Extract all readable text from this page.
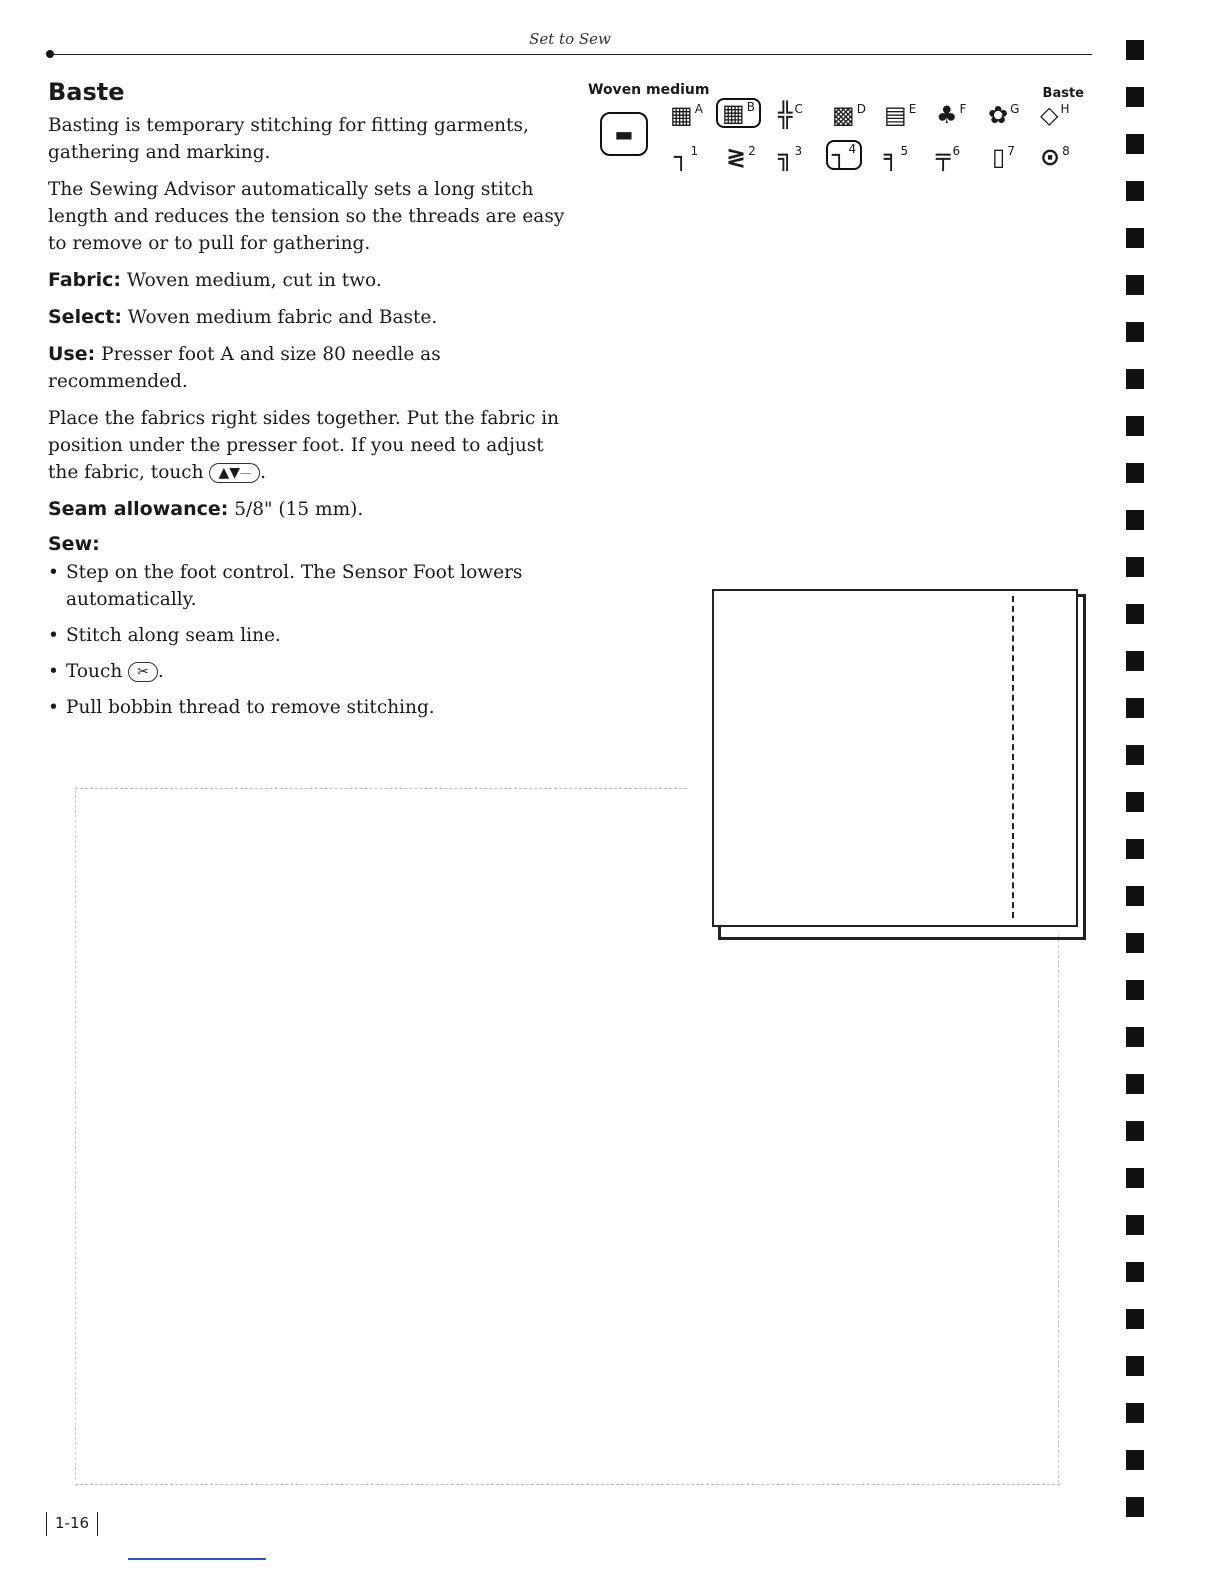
Set to Sew
Baste

Basting is temporary stitching for fitting garments, gathering and marking.

The Sewing Advisor automatically sets a long stitch length and reduces the tension so the threads are easy to remove or to pull for gathering.

Fabric: Woven medium, cut in two.

Select: Woven medium fabric and Baste.

Use: Presser foot A and size 80 needle as recommended.

Place the fabrics right sides together. Put the fabric in position under the presser foot. If you need to adjust the fabric, touch ▲▼⏤ .

Seam allowance: 5/8" (15 mm).

Sew:
• Step on the foot control. The Sensor Foot lowers automatically.
• Stitch along seam line.
• Touch ✂ .
• Pull bobbin thread to remove stitching.
Woven medium	Baste
▬
▦ A ▦ B ╬ C ▩ D ▤ E ♣ F ✿ G ◇ H
┐ 1 ≷ 2 ╗ 3 ┐ 4 ╕ 5 ╤ 6 ▯ 7 ⊙ 8
1-16
